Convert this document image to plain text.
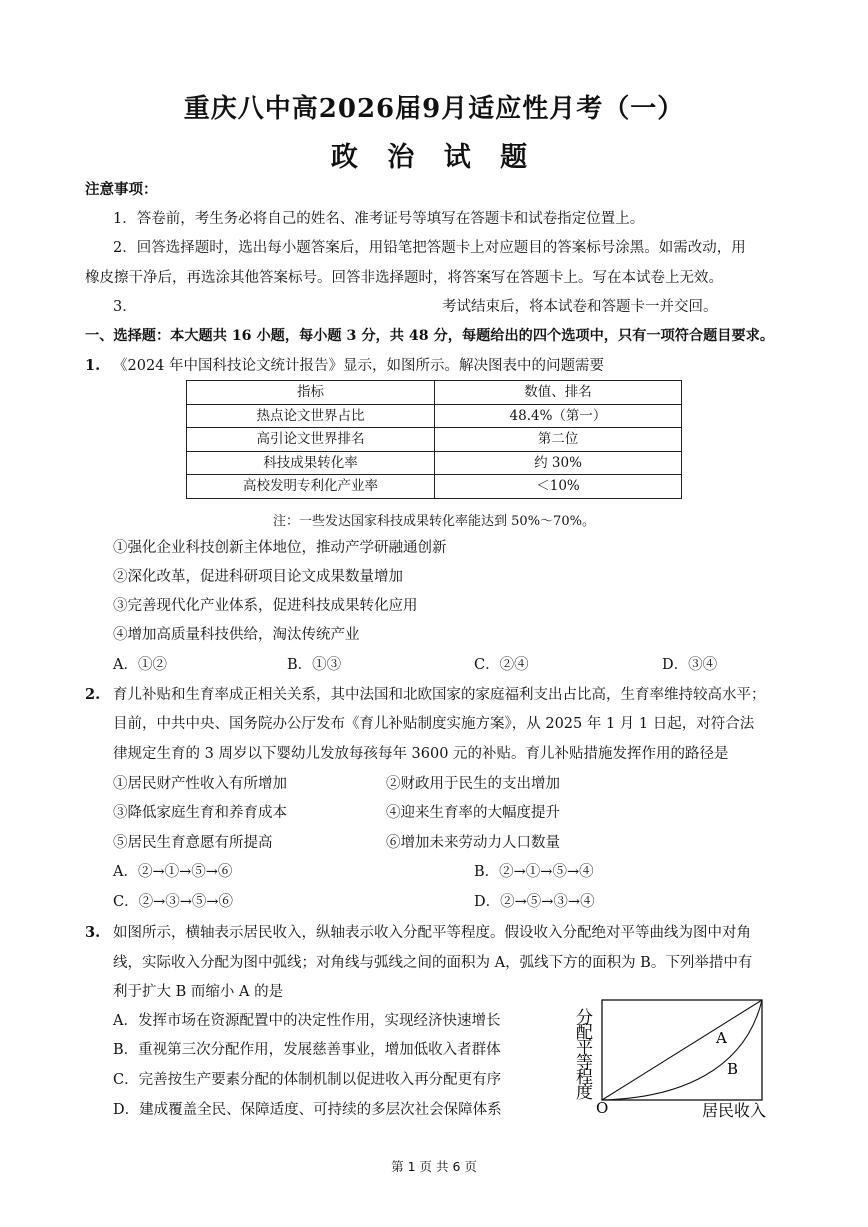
重庆八中高2026届9月适应性月考（一）
政 治 试 题
注意事项：
1．答卷前，考生务必将自己的姓名、准考证号等填写在答题卡和试卷指定位置上。
2．回答选择题时，选出每小题答案后，用铅笔把答题卡上对应题目的答案标号涂黑。如需改动，用
橡皮擦干净后，再选涂其他答案标号。回答非选择题时，将答案写在答题卡上。写在本试卷上无效。
3．	考试结束后，将本试卷和答题卡一并交回。
一、选择题：本大题共 16 小题，每小题 3 分，共 48 分，每题给出的四个选项中，只有一项符合题目要求。
1. 《2024 年中国科技论文统计报告》显示，如图所示。解决图表中的问题需要
指标	数值、排名
热点论文世界占比	48.4%（第一）
高引论文世界排名	第二位
科技成果转化率	约 30%
高校发明专利化产业率	＜10%
注：一些发达国家科技成果转化率能达到 50%～70%。
①强化企业科技创新主体地位，推动产学研融通创新
②深化改革，促进科研项目论文成果数量增加
③完善现代化产业体系，促进科技成果转化应用
④增加高质量科技供给，淘汰传统产业
A．①②	B．①③	C．②④	D．③④
2. 育儿补贴和生育率成正相关关系，其中法国和北欧国家的家庭福利支出占比高，生育率维持较高水平；
目前，中共中央、国务院办公厅发布《育儿补贴制度实施方案》，从 2025 年 1 月 1 日起，对符合法
律规定生育的 3 周岁以下婴幼儿发放每孩每年 3600 元的补贴。育儿补贴措施发挥作用的路径是
①居民财产性收入有所增加	②财政用于民生的支出增加
③降低家庭生育和养育成本	④迎来生育率的大幅度提升
⑤居民生育意愿有所提高	⑥增加未来劳动力人口数量
A．②→①→⑤→⑥	B．②→①→⑤→④
C．②→③→⑤→⑥	D．②→⑤→③→④
3. 如图所示，横轴表示居民收入，纵轴表示收入分配平等程度。假设收入分配绝对平等曲线为图中对角
线，实际收入分配为图中弧线；对角线与弧线之间的面积为 A，弧线下方的面积为 B。下列举措中有
利于扩大 B 而缩小 A 的是
A．发挥市场在资源配置中的决定性作用，实现经济快速增长
B．重视第三次分配作用，发展慈善事业，增加低收入者群体
C．完善按生产要素分配的体制机制以促进收入再分配更有序
D．建成覆盖全民、保障适度、可持续的多层次社会保障体系
A
B
O	居民收入
分配平等程度
第 1 页 共 6 页
